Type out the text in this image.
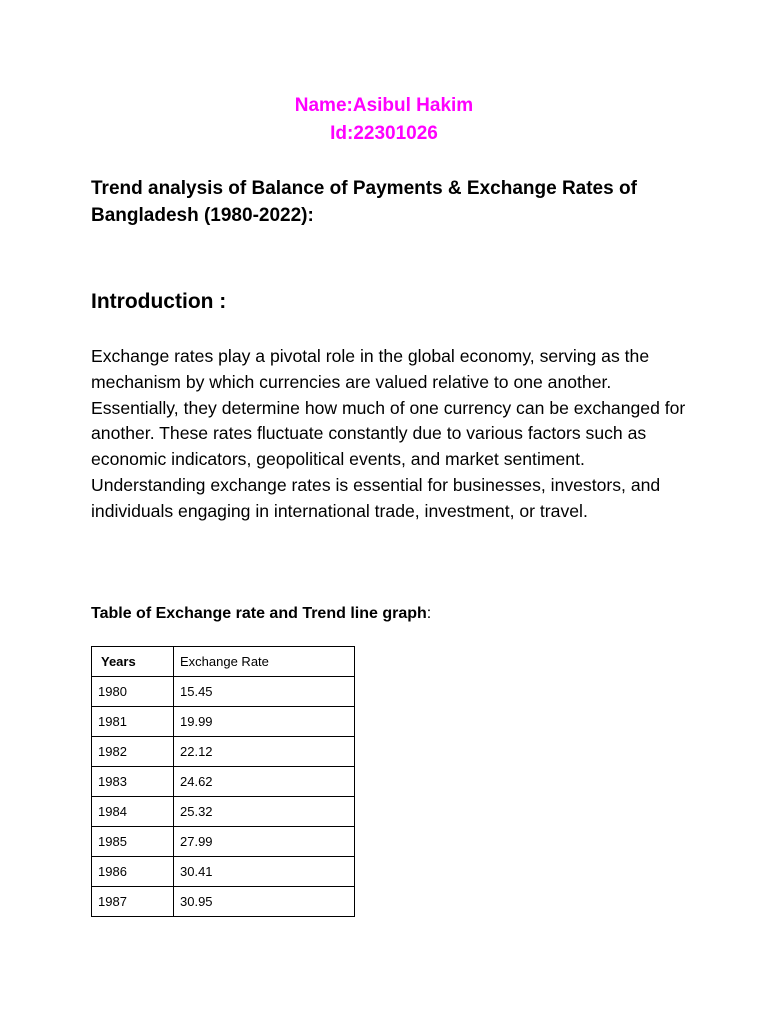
Name:Asibul Hakim
Id:22301026
Trend analysis of Balance of Payments & Exchange Rates of Bangladesh (1980-2022):
Introduction :

Exchange rates play a pivotal role in the global economy, serving as the mechanism by which currencies are valued relative to one another. Essentially, they determine how much of one currency can be exchanged for another. These rates fluctuate constantly due to various factors such as economic indicators, geopolitical events, and market sentiment. Understanding exchange rates is essential for businesses, investors, and individuals engaging in international trade, investment, or travel.

Table of Exchange rate and Trend line graph:

Years	Exchange Rate
1980	15.45
1981	19.99
1982	22.12
1983	24.62
1984	25.32
1985	27.99
1986	30.41
1987	30.95
